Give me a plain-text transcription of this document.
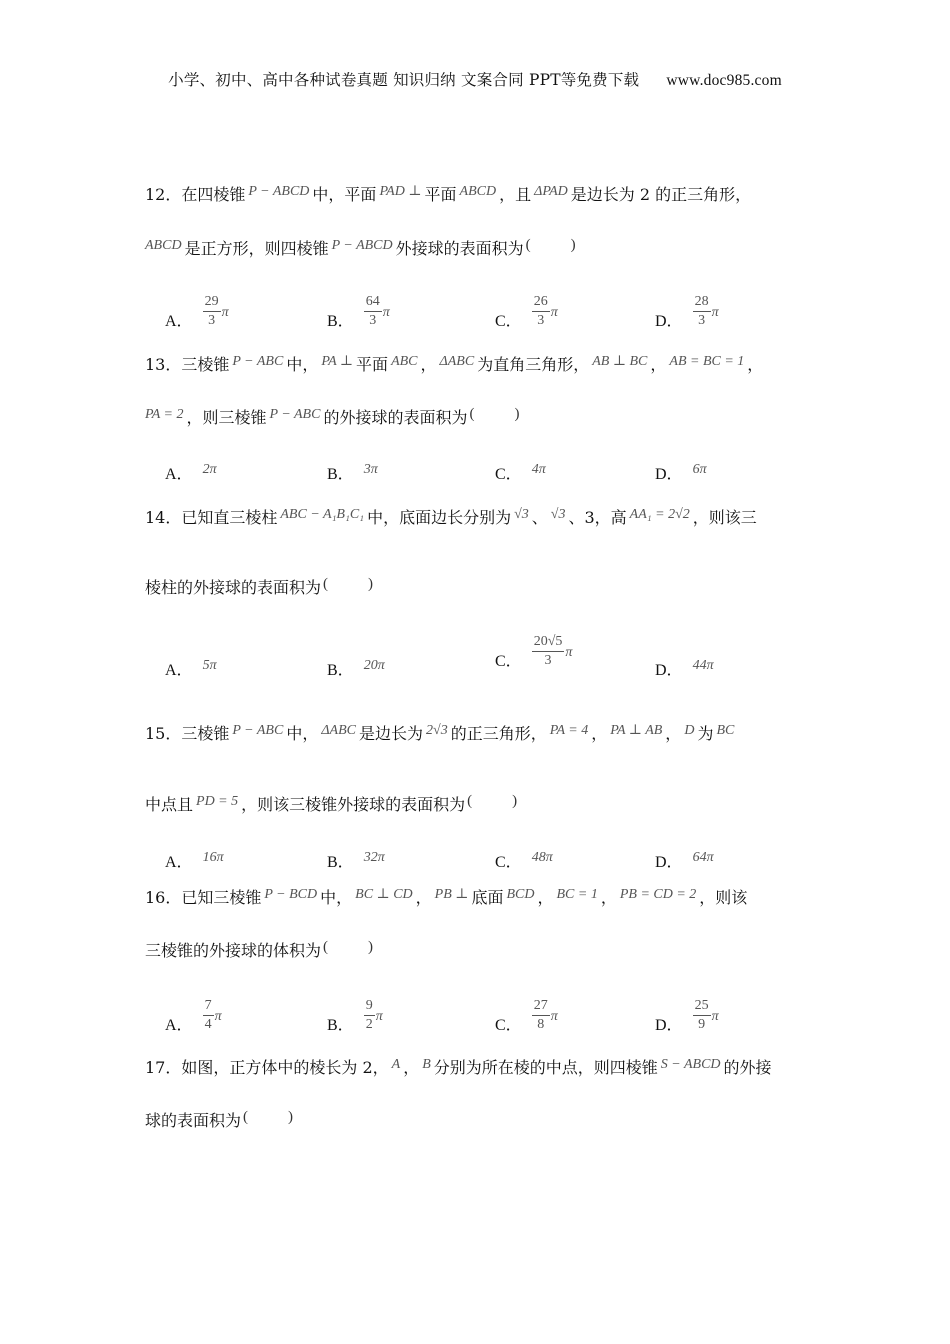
小学、初中、高中各种试卷真题 知识归纳 文案合同 PPT等免费下载 www.doc985.com
12．在四棱锥 P − ABCD 中，平面 PAD ⊥ 平面 ABCD ，且 ΔPAD 是边长为 2 的正三角形，
ABCD 是正方形，则四棱锥 P − ABCD 外接球的表面积为 (	)
A． $\frac{29}{3}$ π
B． $\frac{64}{3}$ π
C． $\frac{26}{3}$ π
D． $\frac{28}{3}$ π
13．三棱锥 P − ABC 中， PA ⊥ 平面 ABC ， ΔABC 为直角三角形， AB ⊥ BC ， AB = BC = 1 ，
PA = 2 ，则三棱锥 P − ABC 的外接球的表面积为 (	)
A． 2π	B． 3π	C． 4π	D． 6π
14．已知直三棱柱 ABC − A₁B₁C₁ 中，底面边长分别为 √3 、 √3 、3，高 AA₁ = 2√2 ，则该三
棱柱的外接球的表面积为 (	)
A． 5π	B． 20π	C． $\frac{20√5}{3}$ π
D． 44π
15．三棱锥 P − ABC 中， ΔABC 是边长为 2√3 的正三角形， PA = 4 ， PA ⊥ AB ， D 为 BC
中点且 PD = 5 ，则该三棱锥外接球的表面积为 (	)
A． 16π	B． 32π	C． 48π	D． 64π
16．已知三棱锥 P − BCD 中， BC ⊥ CD ， PB ⊥ 底面 BCD ， BC = 1 ， PB = CD = 2 ，则该
三棱锥的外接球的体积为 (	)
A． $\frac{7}{4}$ π
B． $\frac{9}{2}$ π
C． $\frac{27}{8}$ π
D． $\frac{25}{9}$ π
17．如图，正方体中的棱长为 2， A ， B 分别为所在棱的中点，则四棱锥 S − ABCD 的外接
球的表面积为 (	)
